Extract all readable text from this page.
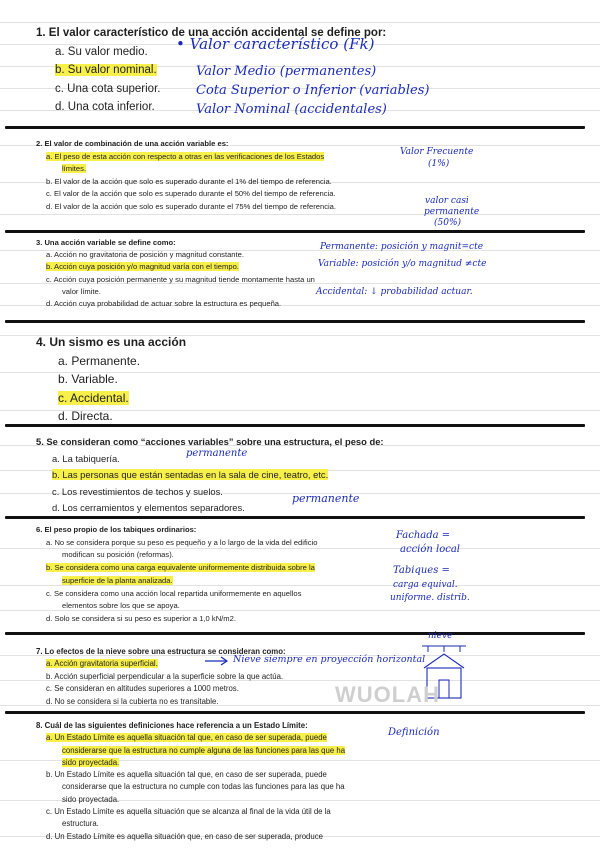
1. El valor característico de una acción accidental se define por:
a. Su valor medio.
b. Su valor nominal.
c. Una cota superior.
d. Una cota inferior.
• Valor característico (Fk)
Valor Medio (permanentes)
Cota Superior o Inferior (variables)
Valor Nominal (accidentales)
2. El valor de combinación de una acción variable es:
a. El peso de esta acción con respecto a otras en las verificaciones de los Estados
límites.
b. El valor de la acción que solo es superado durante el 1% del tiempo de referencia.
c. El valor de la acción que solo es superado durante el 50% del tiempo de referencia.
d. El valor de la acción que solo es superado durante el 75% del tiempo de referencia.
Valor Frecuente
(1%)
valor casi
permanente
(50%)
3. Una acción variable se define como:
a. Acción no gravitatoria de posición y magnitud constante.
b. Acción cuya posición y/o magnitud varía con el tiempo.
c. Acción cuya posición permanente y su magnitud tiende montamente hasta un
valor límite.
d. Acción cuya probabilidad de actuar sobre la estructura es pequeña.
Permanente: posición y magnit=cte
Variable: posición y/o magnitud ≠cte
Accidental: ↓ probabilidad actuar.
4. Un sismo es una acción
a. Permanente.
b. Variable.
c. Accidental.
d. Directa.
5. Se consideran como “acciones variables” sobre una estructura, el peso de:
a. La tabiquería.
b. Las personas que están sentadas en la sala de cine, teatro, etc.
c. Los revestimientos de techos y suelos.
d. Los cerramientos y elementos separadores.
permanente
permanente
6. El peso propio de los tabiques ordinarios:
a. No se considera porque su peso es pequeño y a lo largo de la vida del edificio
modifican su posición (reformas).
b. Se considera como una carga equivalente uniformemente distribuida sobre la
superficie de la planta analizada.
c. Se considera como una acción local repartida uniformemente en aquellos
elementos sobre los que se apoya.
d. Solo se considera si su peso es superior a 1,0 kN/m2.
Fachada =
acción local
Tabiques =
carga equival.
uniforme. distrib.
7. Lo efectos de la nieve sobre una estructura se consideran como:
a. Acción gravitatoria superficial.
b. Acción superficial perpendicular a la superficie sobre la que actúa.
c. Se consideran en altitudes superiores a 1000 metros.
d. No se considera si la cubierta no es transitable.
nieve
Nieve siempre en proyección horizontal
WUOLAH
8. Cuál de las siguientes definiciones hace referencia a un Estado Límite:
a. Un Estado Límite es aquella situación tal que, en caso de ser superada, puede
considerarse que la estructura no cumple alguna de las funciones para las que ha
sido proyectada.
b. Un Estado Límite es aquella situación tal que, en caso de ser superada, puede
considerarse que la estructura no cumple con todas las funciones para las que ha
sido proyectada.
c. Un Estado Límite es aquella situación que se alcanza al final de la vida útil de la
estructura.
d. Un Estado Límite es aquella situación que, en caso de ser superada, produce
Definición
